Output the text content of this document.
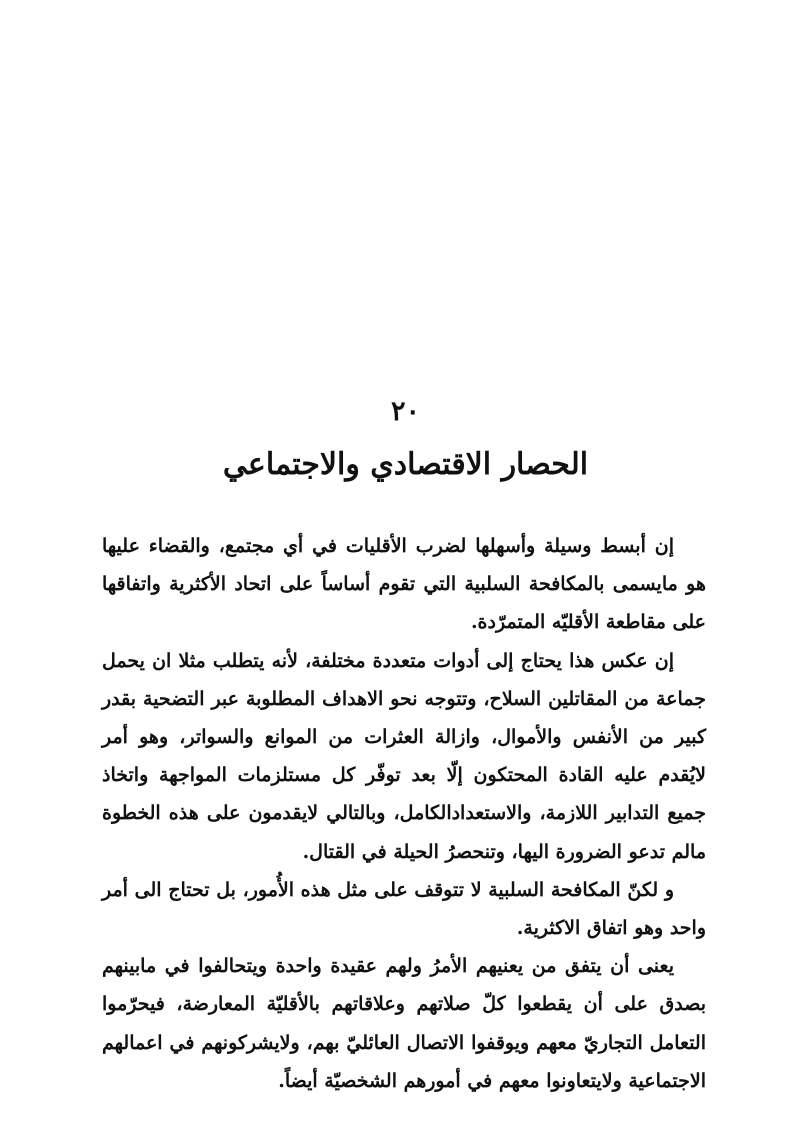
٢٠
الحصار الاقتصادي والاجتماعي

إن أبسط وسيلة وأسهلها لضرب الأقليات في أي مجتمع، والقضاء عليها هو مايسمى بالمكافحة السلبية التي تقوم أساساً على اتحاد الأكثرية واتفاقها على مقاطعة الأقليّه المتمرّدة.

إن عكس هذا يحتاج إلى أدوات متعددة مختلفة، لأنه يتطلب مثلا ان يحمل جماعة من المقاتلين السلاح، وتتوجه نحو الاهداف المطلوبة عبر التضحية بقدر كبير من الأنفس والأموال، وازالة العثرات من الموانع والسواتر، وهو أمر لايُقدم عليه القادة المحتكون إلّا بعد توفّر كل مستلزمات المواجهة واتخاذ جميع التدابير اللازمة، والاستعدادالكامل، وبالتالي لايقدمون على هذه الخطوة مالم تدعو الضرورة اليها، وتنحصرُ الحيلة في القتال.

و لكنّ المكافحة السلبية لا تتوقف على مثل هذه الأُمور، بل تحتاج الى أمر واحد وهو اتفاق الاكثرية.

يعنى أن يتفق من يعنيهم الأمرُ ولهم عقيدة واحدة ويتحالفوا في مابينهم بصدق على أن يقطعوا كلّ صلاتهم وعلاقاتهم بالأقليّة المعارضة، فيحرّموا التعامل التجاريّ معهم ويوقفوا الاتصال العائليّ بهم، ولايشركونهم في اعمالهم الاجتماعية ولايتعاونوا معهم في أمورهم الشخصيّة أيضاً.
